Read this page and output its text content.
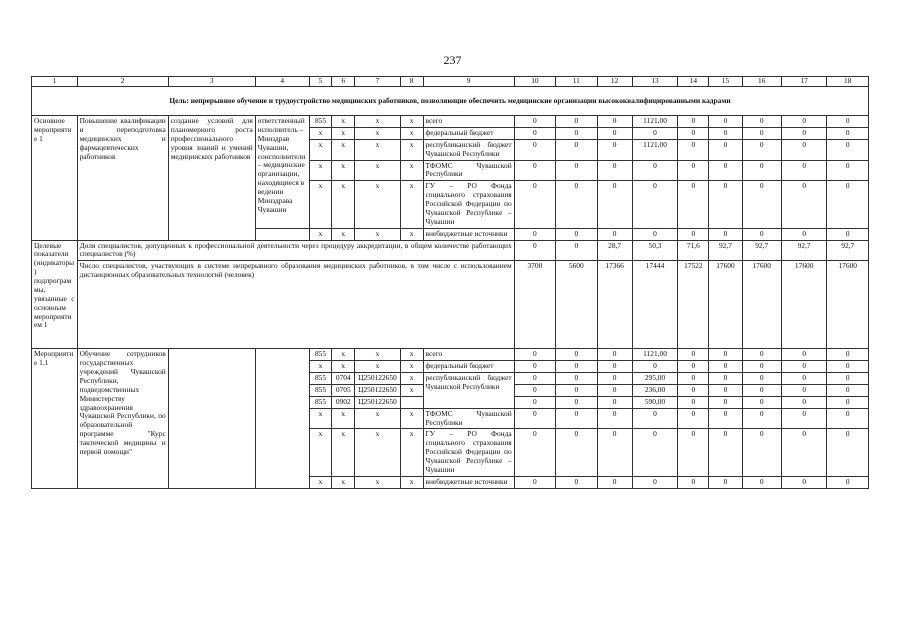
237
1	2	3	4	5	6	7	8	9	10	11	12	13	14	15	16	17	18
Цель: непрерывное обучение и трудоустройство медицинских работников, позволяющие обеспечить медицинские организации высококвалифицированными кадрами																	
Основное мероприятие 1	Повышение квалификации и переподготовка медицинских и фармацевтических работников	создание условий для планомерного роста профессионального уровня знаний и умений медицинских работников	ответственный исполнитель – Минздрав Чувашии, соисполнители – медицинские организации, находящиеся в ведении Минздрава Чувашии	855	x	x	x	всего	0	0	0	1121,00	0	0	0	0	0
				x	x	x	x	федеральный бюджет	0	0	0	0	0	0	0	0	0
				x	x	x	x	республиканский бюджет Чувашской Республики	0	0	0	1121,00	0	0	0	0	0
				x	x	x	x	ТФОМС Чувашской Республики	0	0	0	0	0	0	0	0	0
				x	x	x	x	ГУ – РО Фонда социального страхования Российской Федерации по Чувашской Республике – Чувашии	0	0	0	0	0	0	0	0	0
				x	x	x	x	внебюджетные источники	0	0	0	0	0	0	0	0	0
Целевые показатели (индикаторы) подпрограммы, увязанные с основным мероприятием 1	Доля специалистов, допущенных к профессиональной деятельности через процедуру аккредитации, в общем количестве работающих специалистов (%)								0	0	28,7	50,3	71,6	92,7	92,7	92,7	92,7
	Число специалистов, участвующих в системе непрерывного образования медицинских работников, в том числе с использованием дистанционных образовательных технологий (человек)								3700	5600	17366	17444	17522	17600	17600	17600	17600
Мероприятие 1.1	Обучение сотрудников государственных учреждений Чувашской Республики, подведомственных Министерству здравоохранения Чувашской Республики, по образовательной программе "Курс тактической медицины и первой помощи"			855	x	x	x	всего	0	0	0	1121,00	0	0	0	0	0
				x	x	x	x	федеральный бюджет	0	0	0	0	0	0	0	0	0
				855	0704	Ц250122650	x	республиканский бюджет Чувашской Республики	0	0	0	295,00	0	0	0	0	0
				855	0705	Ц250122650	x		0	0	0	236,00	0	0	0	0	0
				855	0902	Ц250122650			0	0	0	590,00	0	0	0	0	0
				x	x	x	x	ТФОМС Чувашской Республики	0	0	0	0	0	0	0	0	0
				x	x	x	x	ГУ – РО Фонда социального страхования Российской Федерации по Чувашской Республике – Чувашии	0	0	0	0	0	0	0	0	0
				x	x	x	x	внебюджетные источники	0	0	0	0	0	0	0	0	0
